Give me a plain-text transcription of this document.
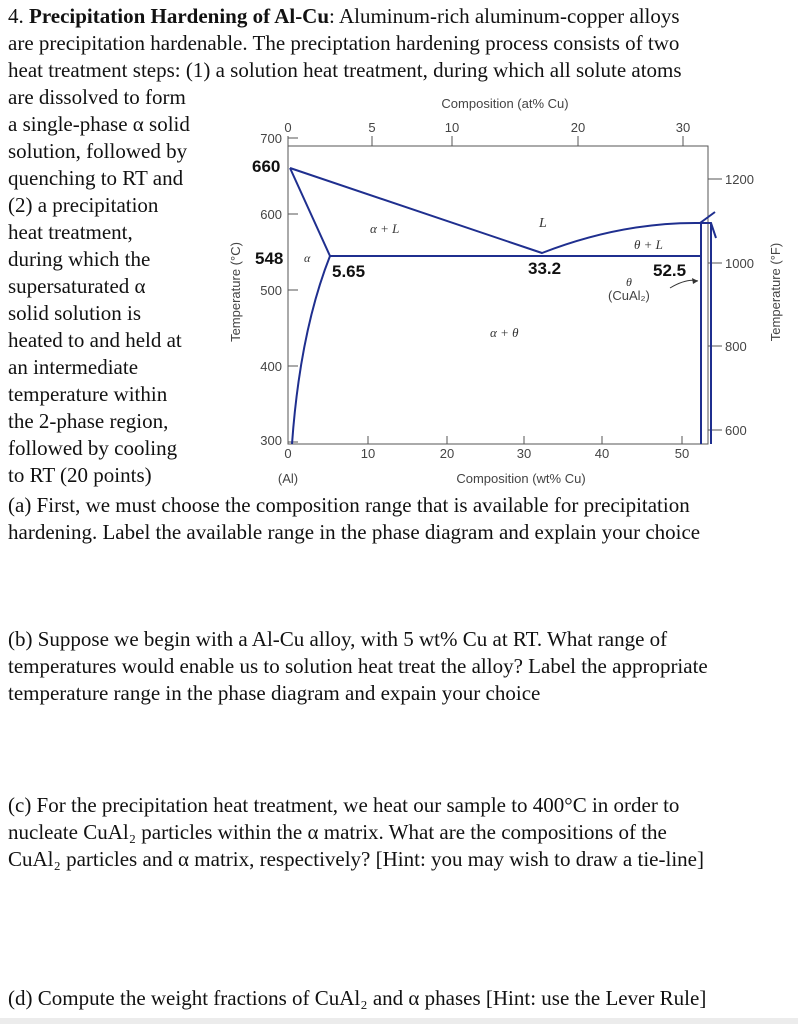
4. Precipitation Hardening of Al-Cu: Aluminum-rich aluminum-copper alloys
are precipitation hardenable. The preciptation hardening process consists of two
heat treatment steps: (1) a solution heat treatment, during which all solute atoms
are dissolved to form
a single-phase α solid
solution, followed by
quenching to RT and
(2) a precipitation
heat treatment,
during which the
supersaturated α
solid solution is
heated to and held at
an intermediate
temperature within
the 2-phase region,
followed by cooling
to RT (20 points)
Composition (at% Cu)
Composition (wt% Cu)
(Al)
Temperature (°C)	Temperature (°F)
0	5	10	20	30
700
600
500
400
300
1200
1000
800
600
0	10	20	30	40	50
660
548
5.65	33.2	52.5
α
α + L	L
θ + L
θ
(CuAl₂)
α + θ
(a) First, we must choose the composition range that is available for precipitation
hardening. Label the available range in the phase diagram and explain your choice
(b) Suppose we begin with a Al-Cu alloy, with 5 wt% Cu at RT. What range of
temperatures would enable us to solution heat treat the alloy? Label the appropriate
temperature range in the phase diagram and expain your choice
(c) For the precipitation heat treatment, we heat our sample to 400°C in order to
nucleate CuAl₂ particles within the α matrix. What are the compositions of the
CuAl₂ particles and α matrix, respectively? [Hint: you may wish to draw a tie-line]
(d) Compute the weight fractions of CuAl₂ and α phases [Hint: use the Lever Rule]
